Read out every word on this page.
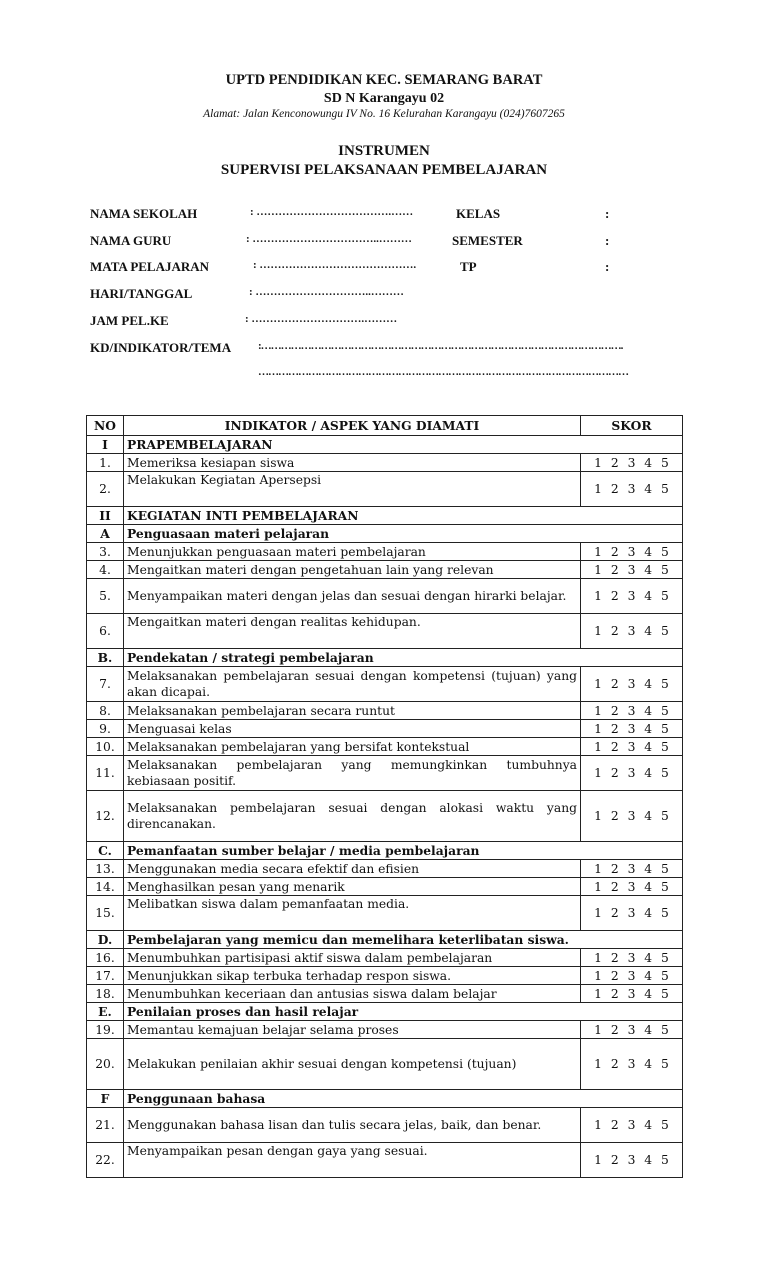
UPTD PENDIDIKAN KEC. SEMARANG BARAT
SD N Karangayu 02
Alamat: Jalan Kenconowungu IV No. 16 Kelurahan Karangayu (024)7607265
INSTRUMEN
SUPERVISI PELAKSANAAN PEMBELAJARAN
NAMA SEKOLAH	: ……………………………….……	KELAS	:
NAMA GURU	: ……………………………..………	SEMESTER	:
MATA PELAJARAN	: …………………………………….	TP	:
HARI/TANGGAL	: …………………………..………
JAM PEL.KE	: ………………………….………
KD/INDIKATOR/TEMA :……………………………………………………………………………………………….
…………………………………………………………………………………………………
NO	INDIKATOR / ASPEK YANG DIAMATI	SKOR
I	PRAPEMBELAJARAN	
1.	Memeriksa kesiapan siswa	1 2 3 4 5
2.	Melakukan Kegiatan Apersepsi	1 2 3 4 5
II	KEGIATAN INTI PEMBELAJARAN	
A	Penguasaan materi pelajaran	
3.	Menunjukkan penguasaan materi pembelajaran	1 2 3 4 5
4.	Mengaitkan materi dengan pengetahuan lain yang relevan	1 2 3 4 5
5.	Menyampaikan materi dengan jelas dan sesuai dengan hirarki belajar.	1 2 3 4 5
6.	Mengaitkan materi dengan realitas kehidupan.	1 2 3 4 5
B.	Pendekatan / strategi pembelajaran	
7.	Melaksanakan pembelajaran sesuai dengan kompetensi (tujuan) yang akan dicapai.	1 2 3 4 5
8.	Melaksanakan pembelajaran secara runtut	1 2 3 4 5
9.	Menguasai kelas	1 2 3 4 5
10.	Melaksanakan pembelajaran yang bersifat kontekstual	1 2 3 4 5
11.	Melaksanakan pembelajaran yang memungkinkan tumbuhnya kebiasaan positif.	1 2 3 4 5
12.	Melaksanakan pembelajaran sesuai dengan alokasi waktu yang direncanakan.	1 2 3 4 5
C.	Pemanfaatan sumber belajar / media pembelajaran	
13.	Menggunakan media secara efektif dan efisien	1 2 3 4 5
14.	Menghasilkan pesan yang menarik	1 2 3 4 5
15.	Melibatkan siswa dalam pemanfaatan media.	1 2 3 4 5
D.	Pembelajaran yang memicu dan memelihara keterlibatan siswa.	
16.	Menumbuhkan partisipasi aktif siswa dalam pembelajaran	1 2 3 4 5
17.	Menunjukkan sikap terbuka terhadap respon siswa.	1 2 3 4 5
18.	Menumbuhkan keceriaan dan antusias siswa dalam belajar	1 2 3 4 5
E.	Penilaian proses dan hasil relajar	
19.	Memantau kemajuan belajar selama proses	1 2 3 4 5
20.	Melakukan penilaian akhir sesuai dengan kompetensi (tujuan)	1 2 3 4 5
F	Penggunaan bahasa	
21.	Menggunakan bahasa lisan dan tulis secara jelas, baik, dan benar.	1 2 3 4 5
22.	Menyampaikan pesan dengan gaya yang sesuai.	1 2 3 4 5
